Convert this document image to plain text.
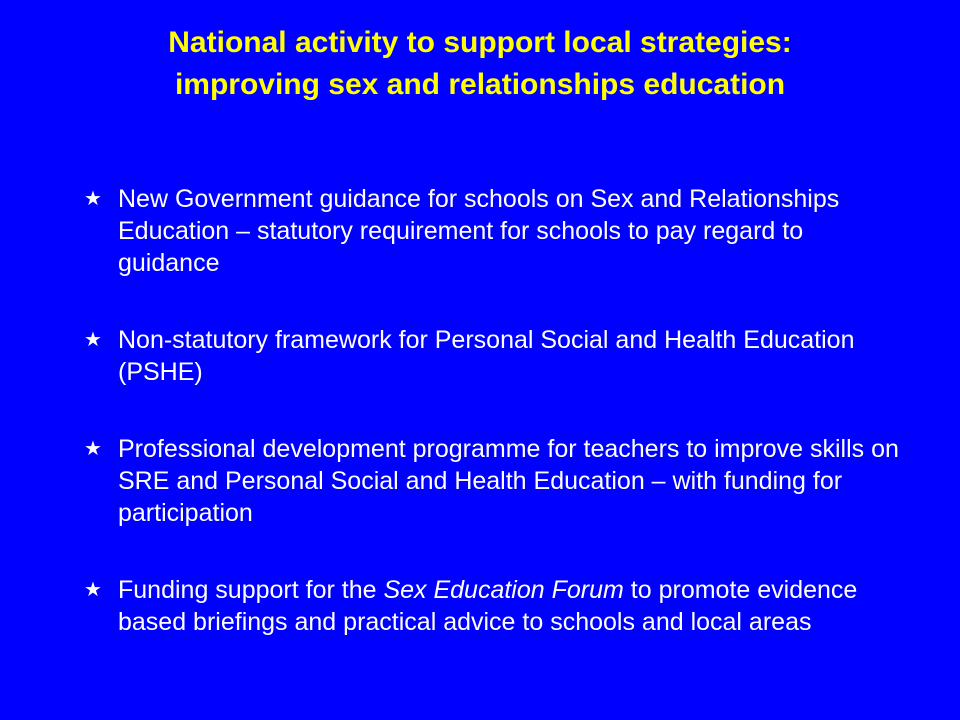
National activity to support local strategies:
improving sex and relationships education
★ New Government guidance for schools on Sex and Relationships Education – statutory requirement for schools to pay regard to guidance
★ Non-statutory framework for Personal Social and Health Education (PSHE)
★ Professional development programme for teachers to improve skills on SRE and Personal Social and Health Education – with funding for participation
★ Funding support for the Sex Education Forum to promote evidence based briefings and practical advice to schools and local areas
